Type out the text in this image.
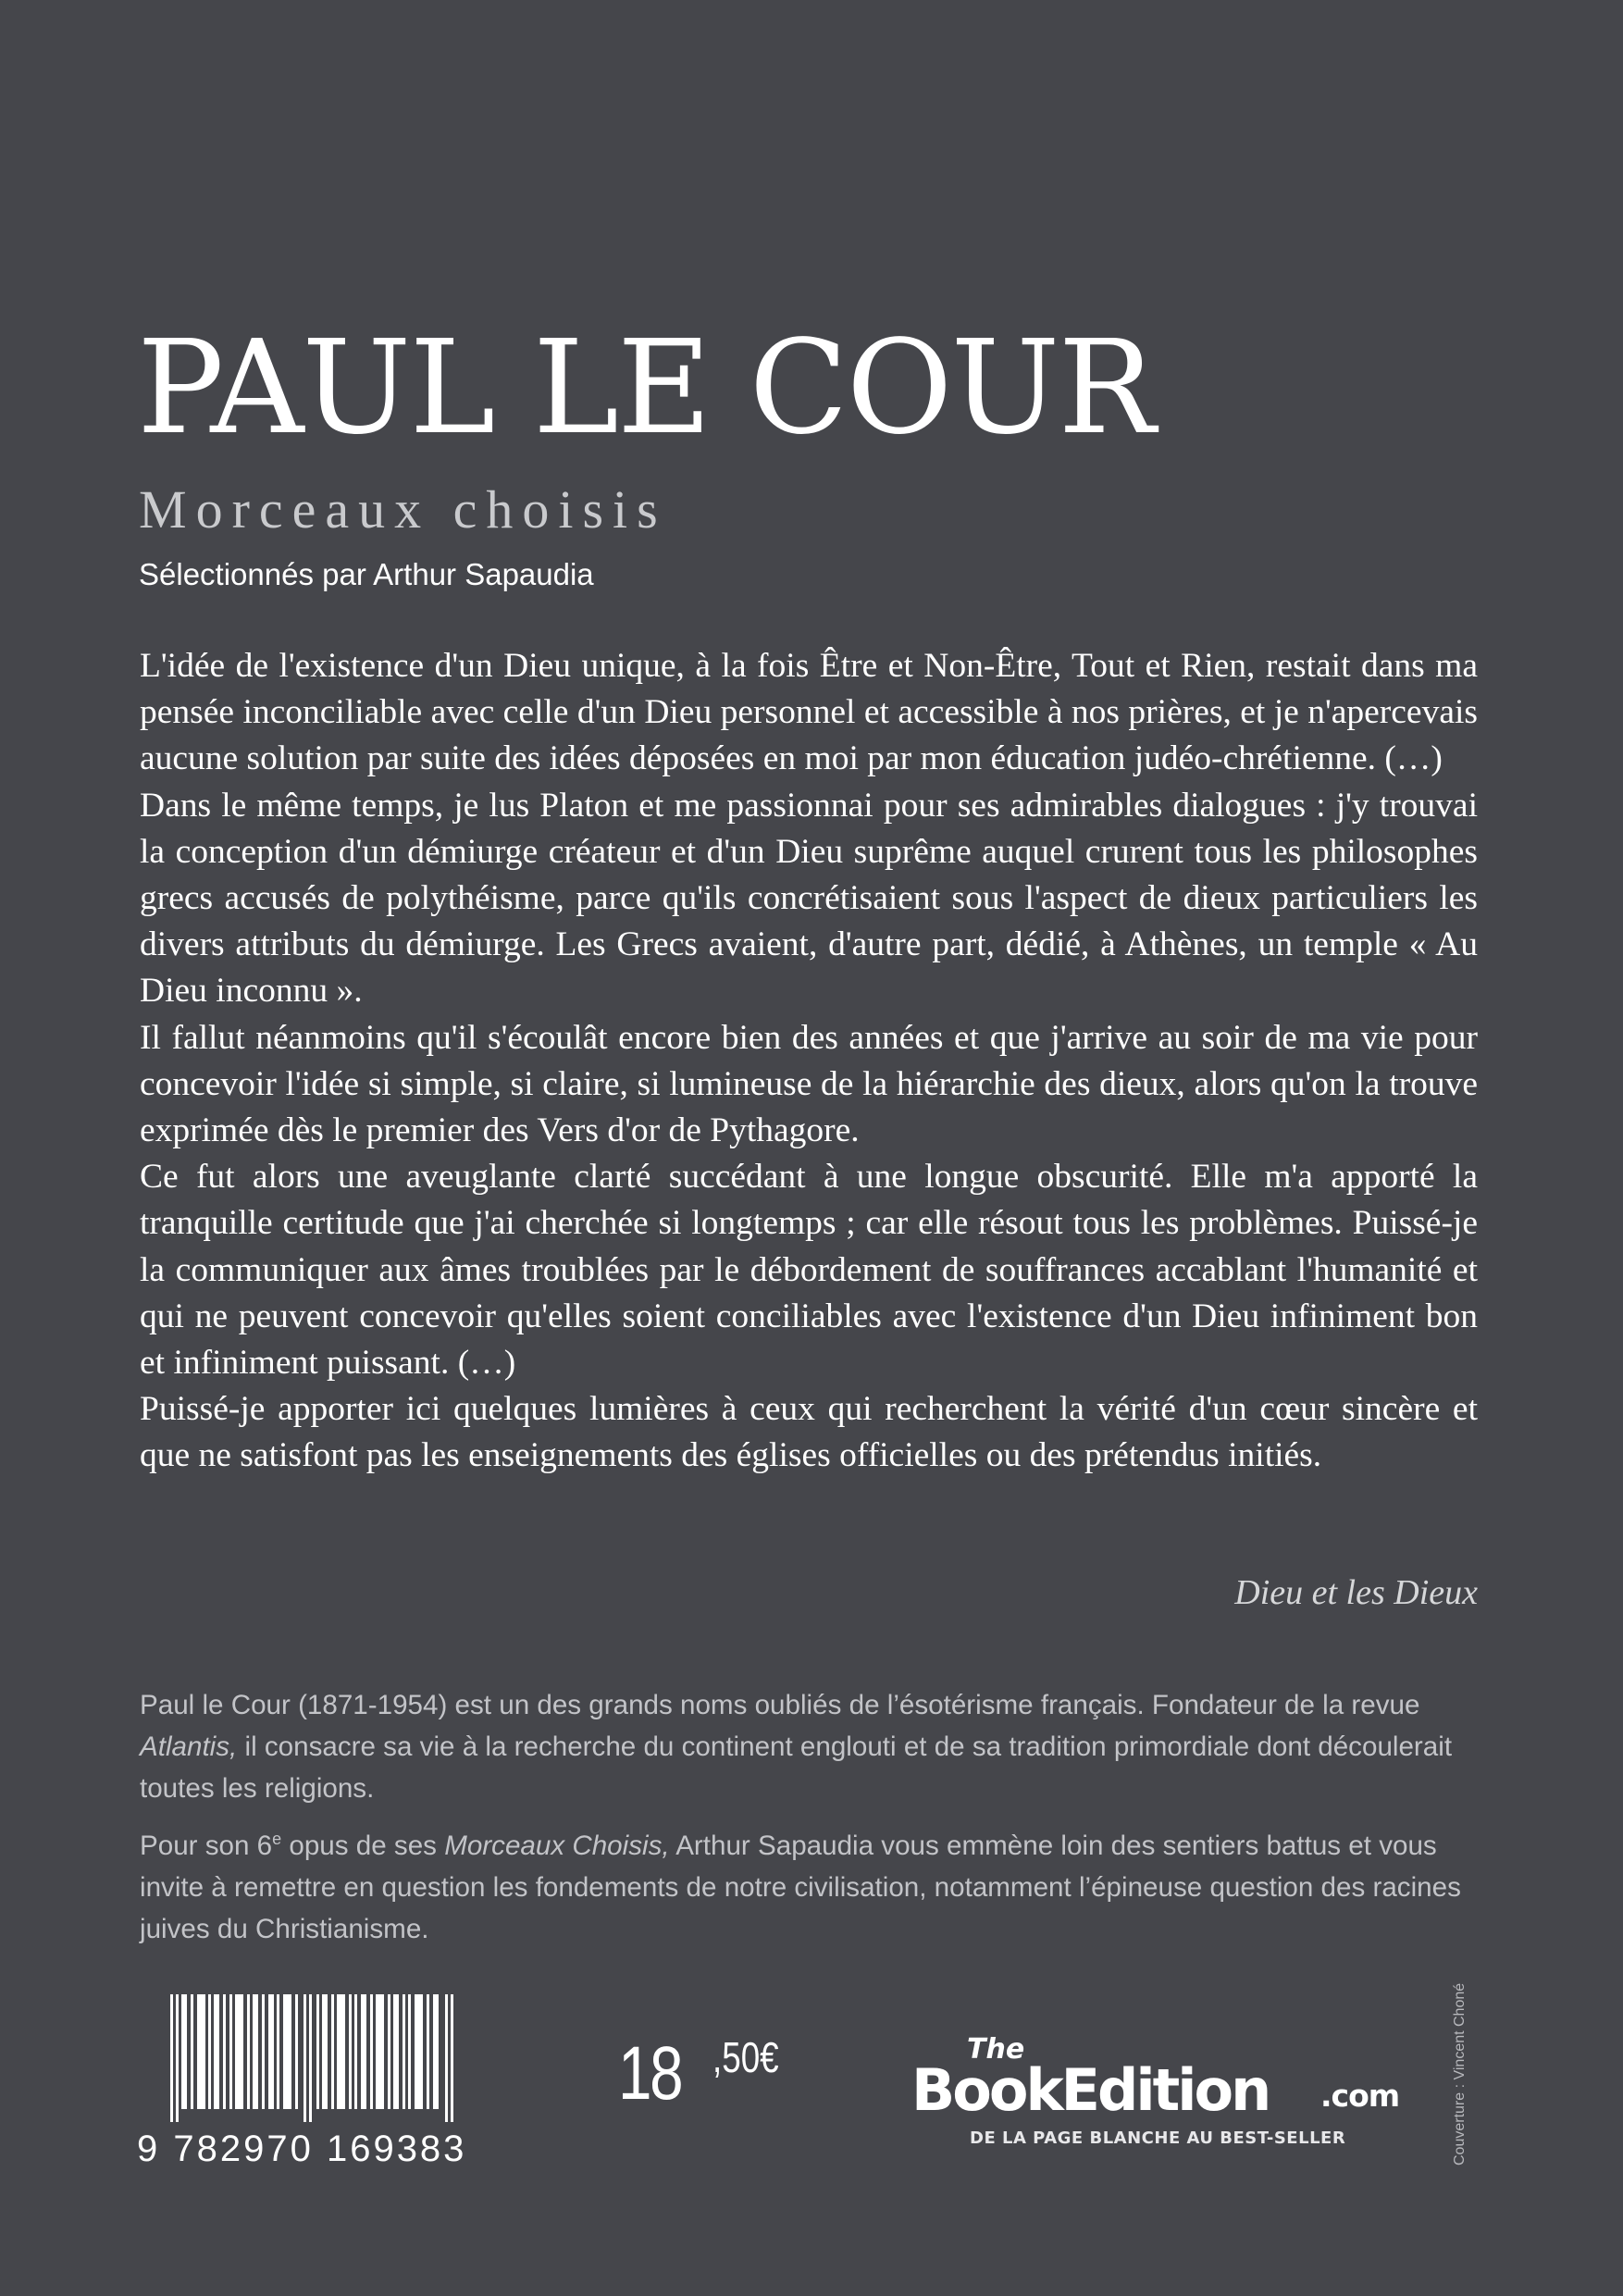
PAUL LE COUR
Morceaux choisis
Sélectionnés par Arthur Sapaudia

L'idée de l'existence d'un Dieu unique, à la fois Être et Non-Être, Tout et Rien, restait dans ma pensée inconciliable avec celle d'un Dieu personnel et accessible à nos prières, et je n'apercevais aucune solution par suite des idées déposées en moi par mon éducation judéo-chrétienne. (…)

Dans le même temps, je lus Platon et me passionnai pour ses admirables dialogues : j'y trouvai la conception d'un démiurge créateur et d'un Dieu suprême auquel crurent tous les philosophes grecs accusés de polythéisme, parce qu'ils concrétisaient sous l'aspect de dieux particuliers les divers attributs du démiurge. Les Grecs avaient, d'autre part, dédié, à Athènes, un temple « Au Dieu inconnu ».

Il fallut néanmoins qu'il s'écoulât encore bien des années et que j'arrive au soir de ma vie pour concevoir l'idée si simple, si claire, si lumineuse de la hiérarchie des dieux, alors qu'on la trouve exprimée dès le premier des Vers d'or de Pythagore.

Ce fut alors une aveuglante clarté succédant à une longue obscurité. Elle m'a apporté la tranquille certitude que j'ai cherchée si longtemps ; car elle résout tous les problèmes. Puissé-je la communiquer aux âmes troublées par le débordement de souffrances accablant l'humanité et qui ne peuvent concevoir qu'elles soient conciliables avec l'existence d'un Dieu infiniment bon et infiniment puissant. (…)

Puissé-je apporter ici quelques lumières à ceux qui recherchent la vérité d'un cœur sincère et que ne satisfont pas les enseignements des églises officielles ou des prétendus initiés.

Dieu et les Dieux

Paul le Cour (1871-1954) est un des grands noms oubliés de l’ésotérisme français. Fondateur de la revue Atlantis, il consacre sa vie à la recherche du continent englouti et de sa tradition primordiale dont découlerait toutes les religions.

Pour son 6e opus de ses Morceaux Choisis, Arthur Sapaudia vous emmène loin des sentiers battus et vous invite à remettre en question les fondements de notre civilisation, notamment l’épineuse question des racines juives du Christianisme.

9 782970 169383
18 ,50€	The
BookEdition .com
DE LA PAGE BLANCHE AU BEST-SELLER	Couverture : Vincent Choné
